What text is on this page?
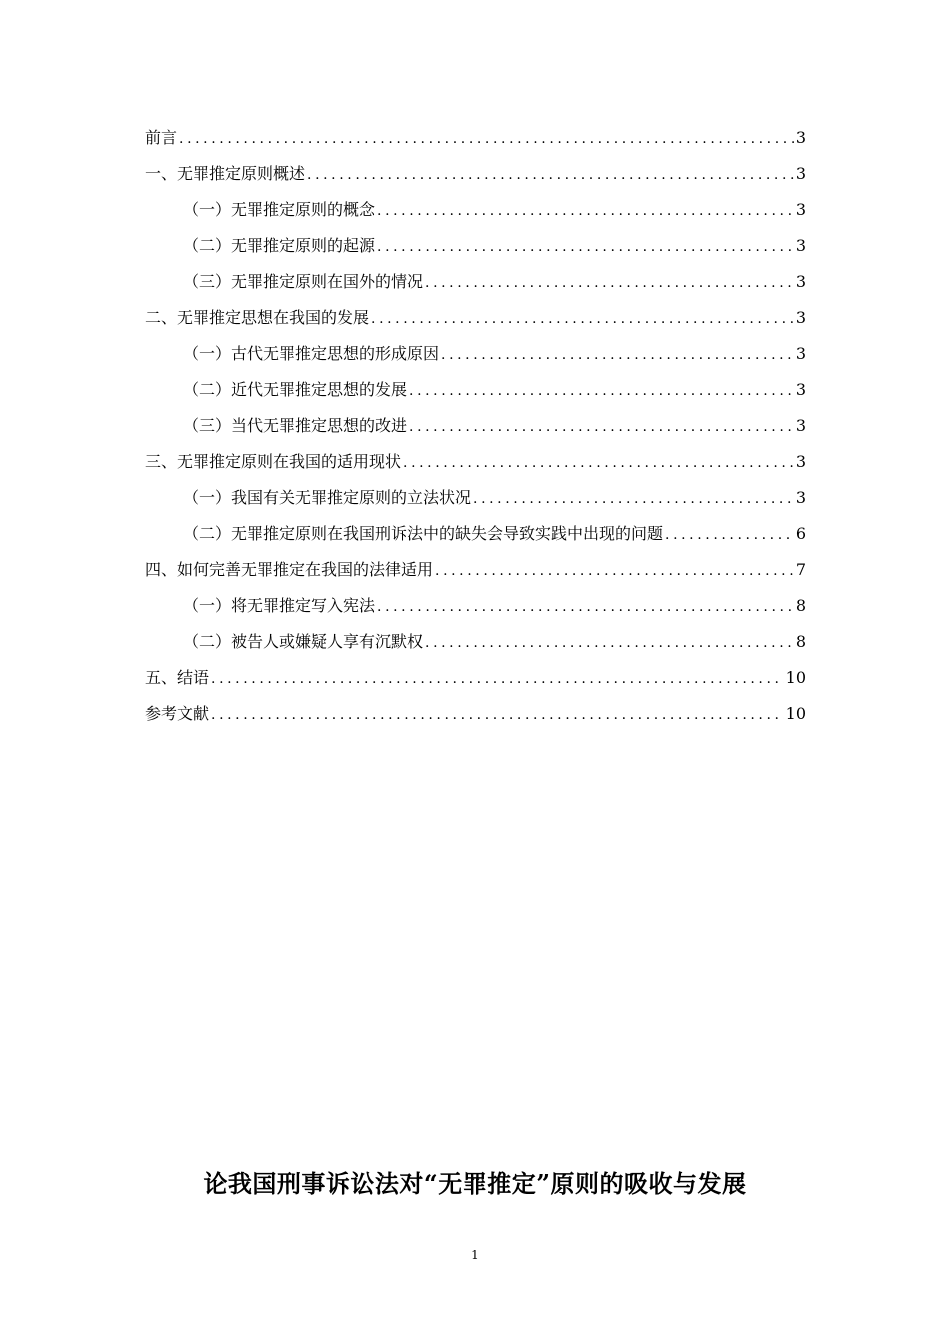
前言 .....	3
一、无罪推定原则概述 .....	3
（一）无罪推定原则的概念 .....	3
（二）无罪推定原则的起源 .....	3
（三）无罪推定原则在国外的情况 .....	3
二、无罪推定思想在我国的发展 .....	3
（一）古代无罪推定思想的形成原因 .....	3
（二）近代无罪推定思想的发展 .....	3
（三）当代无罪推定思想的改进 .....	3
三、无罪推定原则在我国的适用现状 .....	3
（一）我国有关无罪推定原则的立法状况 .....	3
（二）无罪推定原则在我国刑诉法中的缺失会导致实践中出现的问题 .....	6
四、如何完善无罪推定在我国的法律适用 .....	7
（一）将无罪推定写入宪法 .....	8
（二）被告人或嫌疑人享有沉默权 .....	8
五、结语 .....	10
参考文献 .....	10
论我国刑事诉讼法对“无罪推定”原则的吸收与发展
1
